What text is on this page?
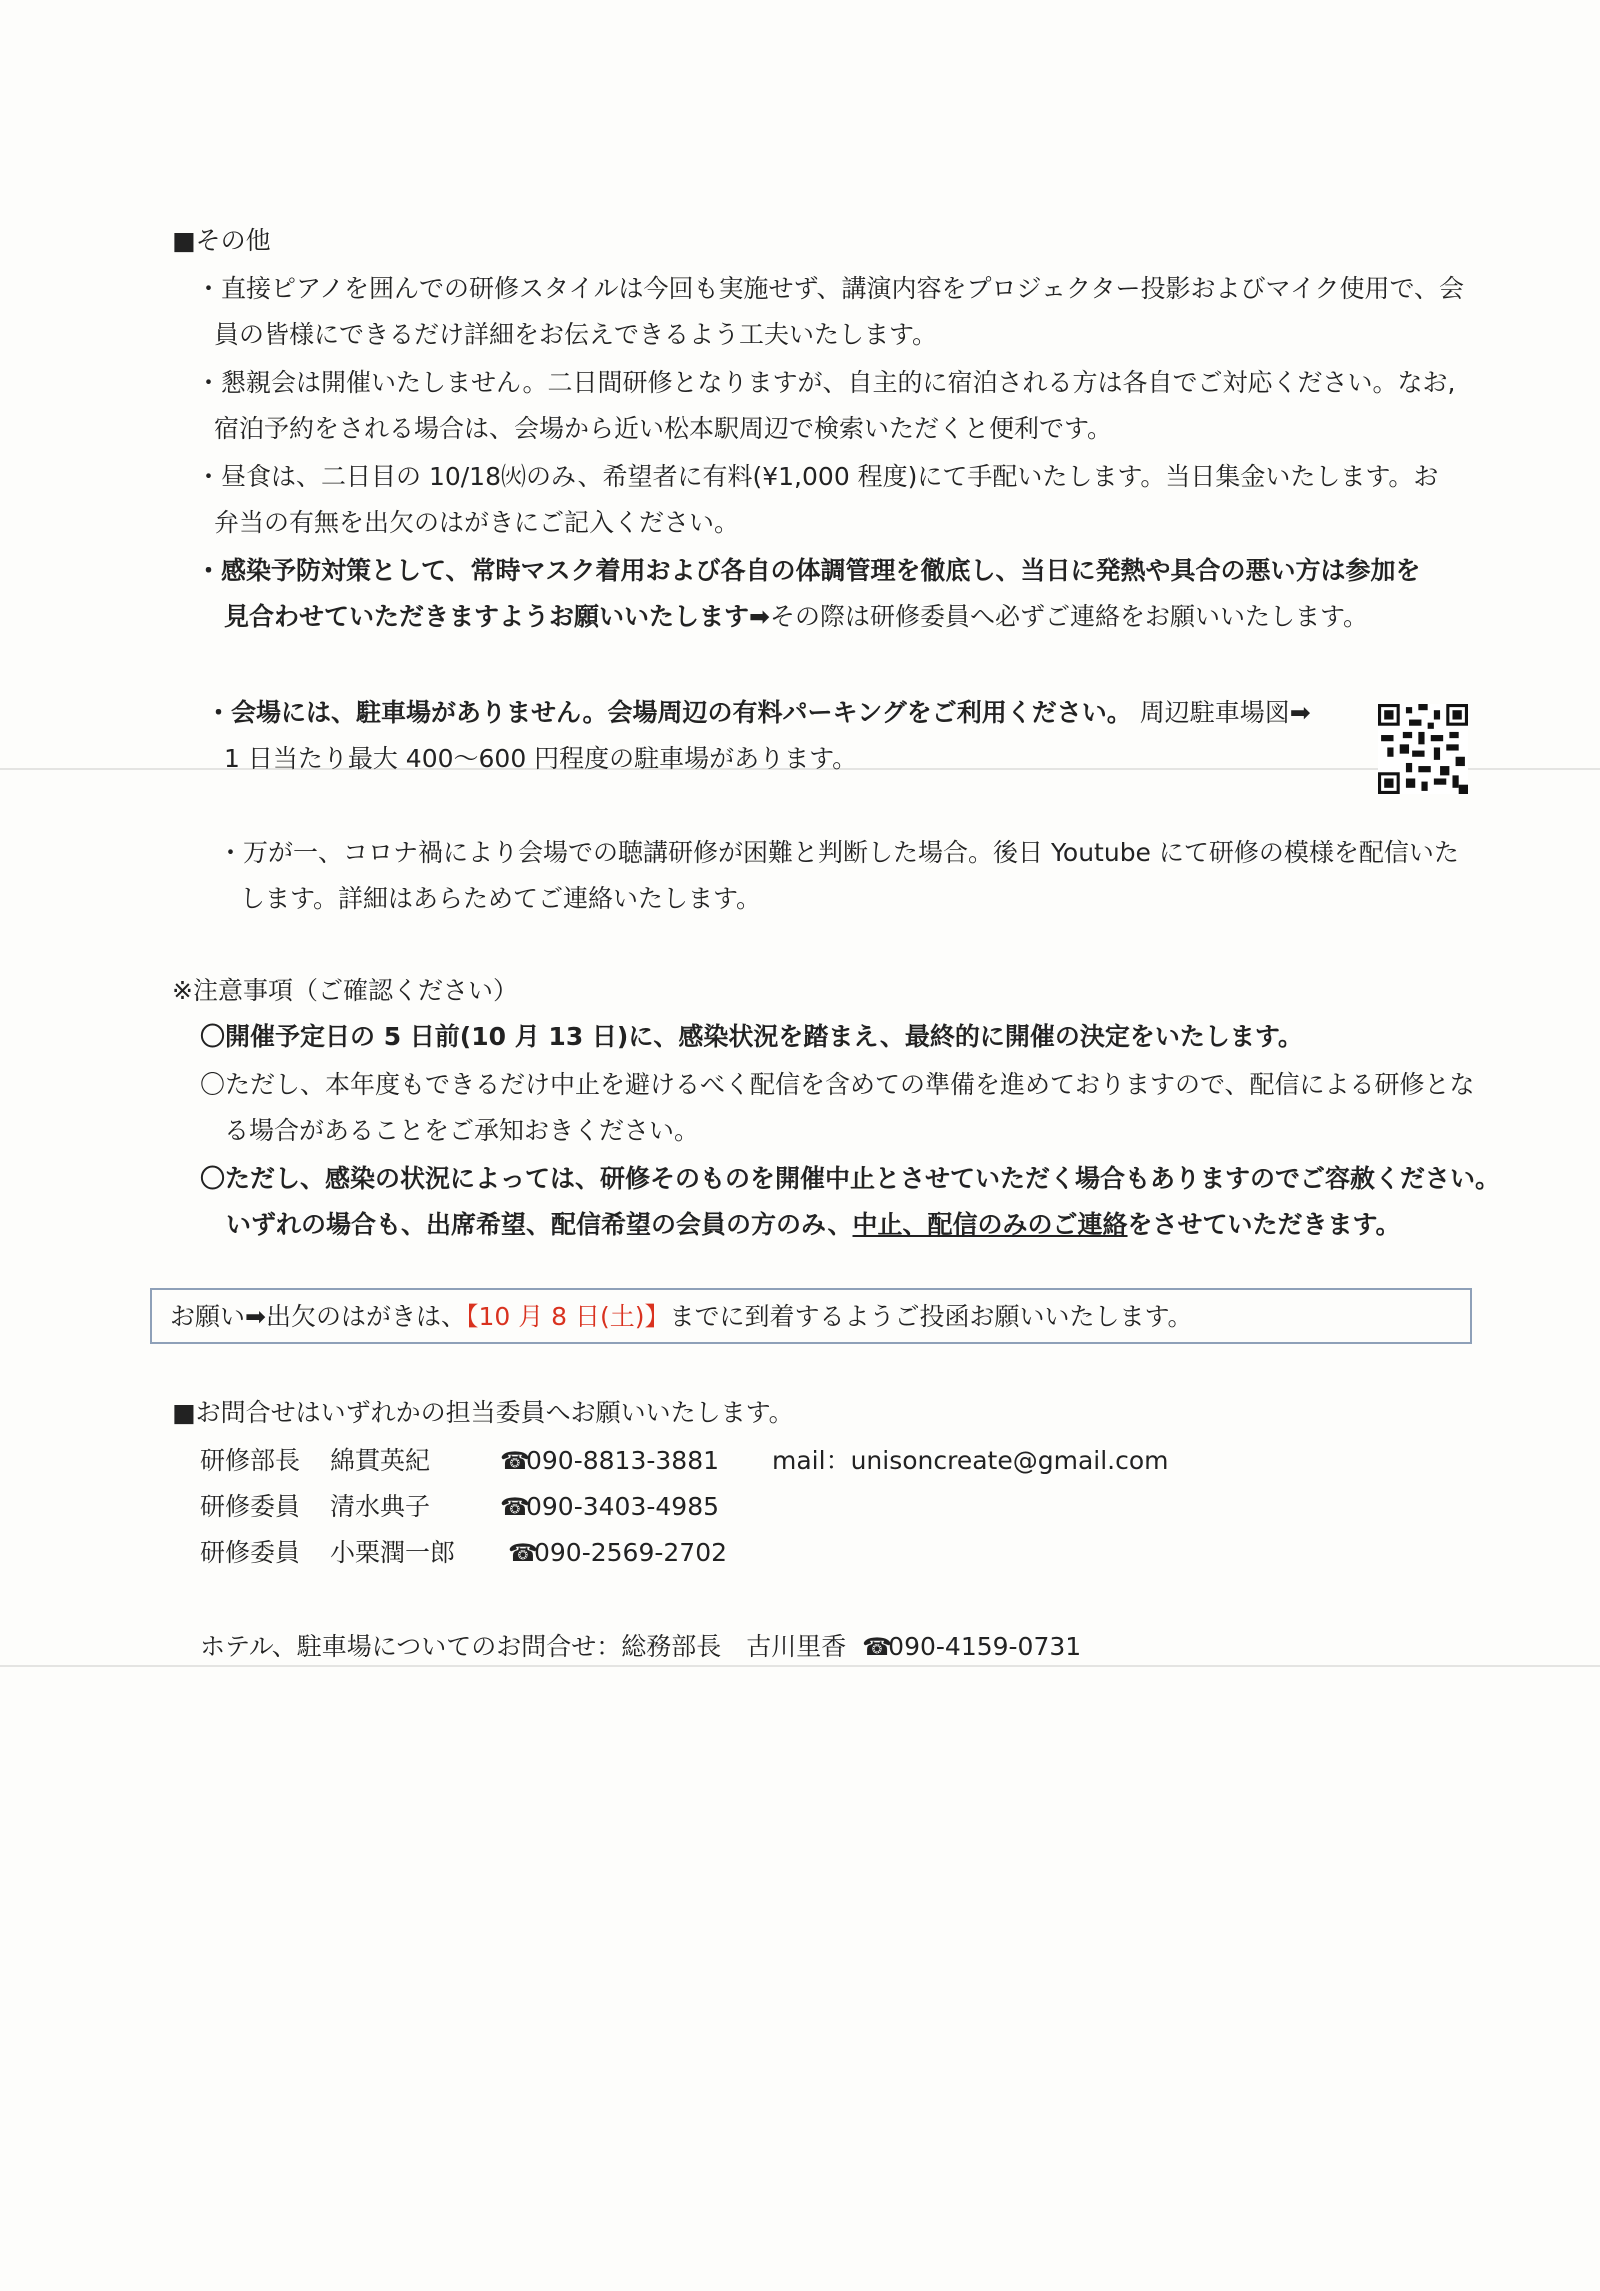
■その他
・直接ピアノを囲んでの研修スタイルは今回も実施せず、講演内容をプロジェクター投影およびマイク使用で、会
員の皆様にできるだけ詳細をお伝えできるよう工夫いたします。
・懇親会は開催いたしません。二日間研修となりますが、自主的に宿泊される方は各自でご対応ください。なお,
宿泊予約をされる場合は、会場から近い松本駅周辺で検索いただくと便利です。
・昼食は、二日目の 10/18㈫のみ、希望者に有料(¥1,000 程度)にて手配いたします。当日集金いたします。お
弁当の有無を出欠のはがきにご記入ください。
・感染予防対策として、常時マスク着用および各自の体調管理を徹底し、当日に発熱や具合の悪い方は参加を
見合わせていただきますようお願いいたします➡その際は研修委員へ必ずご連絡をお願いいたします。
・会場には、駐車場がありません。会場周辺の有料パーキングをご利用ください。 周辺駐車場図➡
1 日当たり最大 400～600 円程度の駐車場があります。
・万が一、コロナ禍により会場での聴講研修が困難と判断した場合。後日 Youtube にて研修の模様を配信いた
します。詳細はあらためてご連絡いたします。
※注意事項（ご確認ください）
〇開催予定日の 5 日前(10 月 13 日)に、感染状況を踏まえ、最終的に開催の決定をいたします。
〇ただし、本年度もできるだけ中止を避けるべく配信を含めての準備を進めておりますので、配信による研修とな
る場合があることをご承知おきください。
〇ただし、感染の状況によっては、研修そのものを開催中止とさせていただく場合もありますのでご容赦ください。
いずれの場合も、出席希望、配信希望の会員の方のみ、中止、配信のみのご連絡をさせていただきます。
お願い➡出欠のはがきは、【10 月 8 日(土)】までに到着するようご投函お願いいたします。
■お問合せはいずれかの担当委員へお願いいたします。
研修部長 綿貫英紀	☎090-8813-3881 mail：unisoncreate@gmail.com
研修委員 清水典子	☎090-3403-4985
研修委員 小栗潤一郎 ☎090-2569-2702
ホテル、駐車場についてのお問合せ：総務部長　古川里香 ☎090-4159-0731
